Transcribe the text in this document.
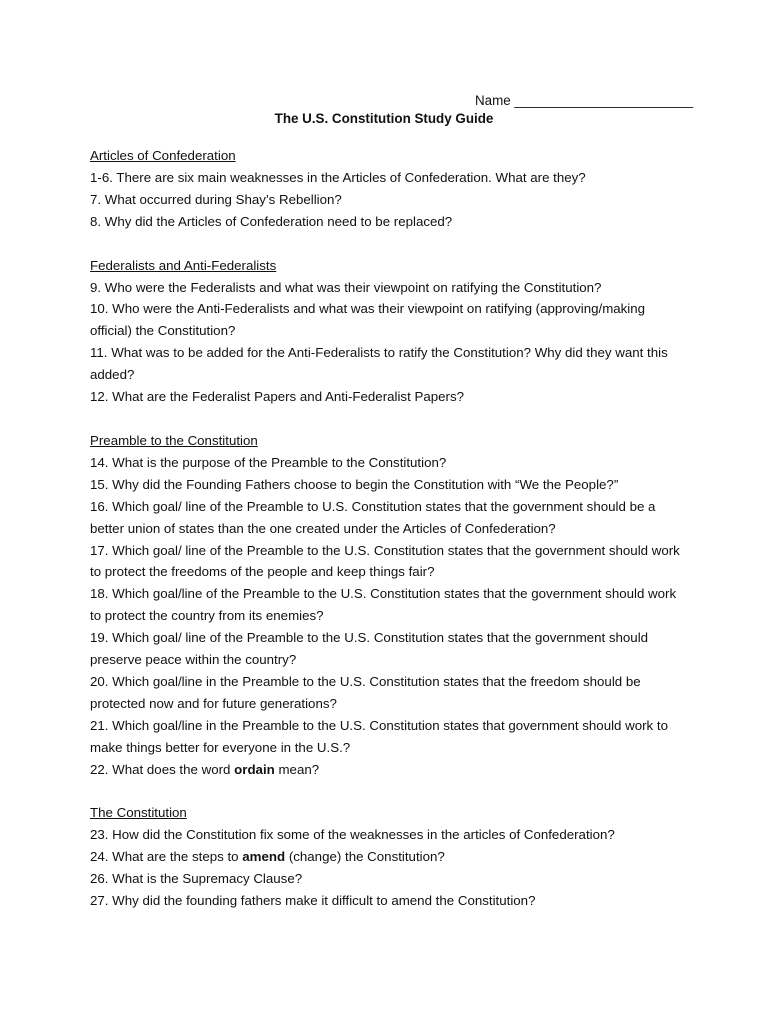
Name ________________________
The U.S. Constitution Study Guide
Articles of Confederation
1-6. There are six main weaknesses in the Articles of Confederation. What are they?
7. What occurred during Shay’s Rebellion?
8. Why did the Articles of Confederation need to be replaced?
Federalists and Anti-Federalists
9. Who were the Federalists and what was their viewpoint on ratifying the Constitution?
10. Who were the Anti-Federalists and what was their viewpoint on ratifying (approving/making official) the Constitution?
11. What was to be added for the Anti-Federalists to ratify the Constitution? Why did they want this added?
12. What are the Federalist Papers and Anti-Federalist Papers?
Preamble to the Constitution
14. What is the purpose of the Preamble to the Constitution?
15. Why did the Founding Fathers choose to begin the Constitution with “We the People?”
16. Which goal/ line of the Preamble to U.S. Constitution states that the government should be a better union of states than the one created under the Articles of Confederation?
17. Which goal/ line of the Preamble to the U.S. Constitution states that the government should work to protect the freedoms of the people and keep things fair?
18. Which goal/line of the Preamble to the U.S. Constitution states that the government should work to protect the country from its enemies?
19. Which goal/ line of the Preamble to the U.S. Constitution states that the government should preserve peace within the country?
20. Which goal/line in the Preamble to the U.S. Constitution states that the freedom should be protected now and for future generations?
21. Which goal/line in the Preamble to the U.S. Constitution states that government should work to make things better for everyone in the U.S.?
22. What does the word ordain mean?
The Constitution
23. How did the Constitution fix some of the weaknesses in the articles of Confederation?
24. What are the steps to amend (change) the Constitution?
26. What is the Supremacy Clause?
27. Why did the founding fathers make it difficult to amend the Constitution?
